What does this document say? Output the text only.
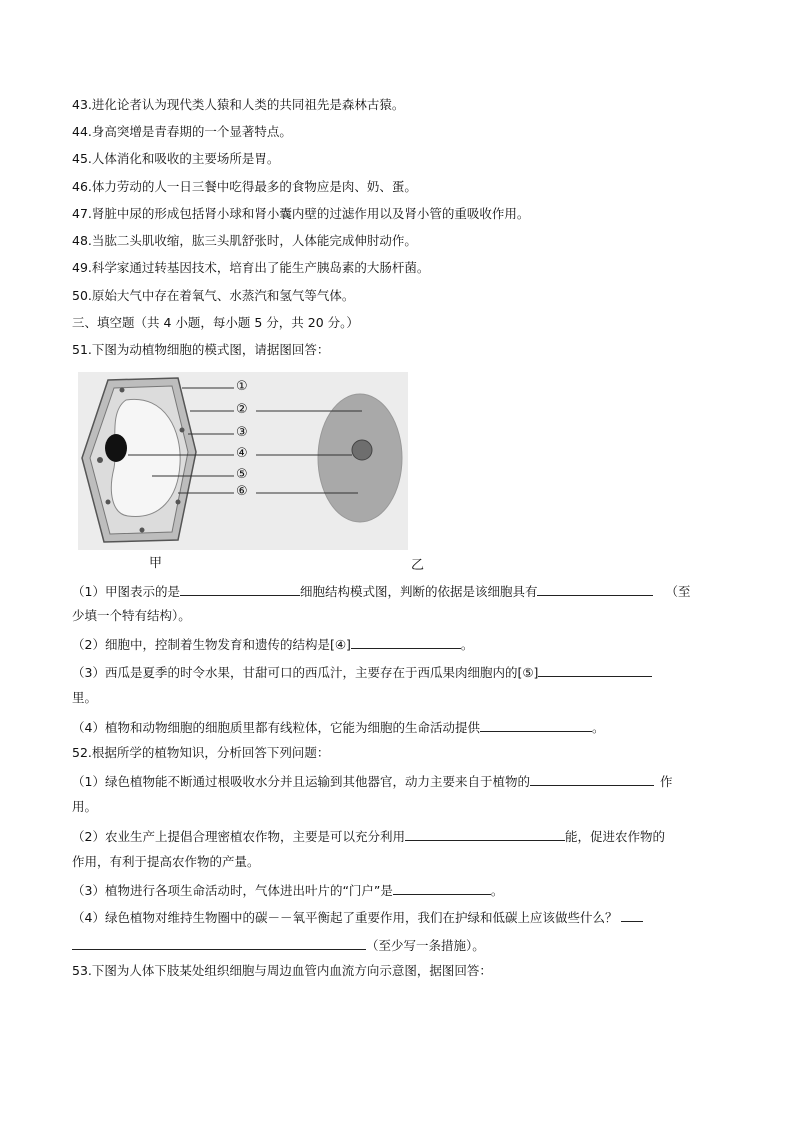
43.进化论者认为现代类人猿和人类的共同祖先是森林古猿。
44.身高突增是青春期的一个显著特点。
45.人体消化和吸收的主要场所是胃。
46.体力劳动的人一日三餐中吃得最多的食物应是肉、奶、蛋。
47.肾脏中尿的形成包括肾小球和肾小囊内壁的过滤作用以及肾小管的重吸收作用。
48.当肱二头肌收缩，肱三头肌舒张时，人体能完成伸肘动作。
49.科学家通过转基因技术，培育出了能生产胰岛素的大肠杆菌。
50.原始大气中存在着氧气、水蒸汽和氢气等气体。
三、填空题（共 4 小题，每小题 5 分，共 20 分。）
51.下图为动植物细胞的模式图，请据图回答：
①
②
③
④
⑤
⑥
甲	乙
（1）甲图表示的是	细胞结构模式图，判断的依据是该细胞具有	（至
少填一个特有结构）。
（2）细胞中，控制着生物发育和遗传的结构是[④]	。
（3）西瓜是夏季的时令水果，甘甜可口的西瓜汁，主要存在于西瓜果肉细胞内的[⑤]
里。
（4）植物和动物细胞的细胞质里都有线粒体，它能为细胞的生命活动提供	。
52.根据所学的植物知识，分析回答下列问题：
（1）绿色植物能不断通过根吸收水分并且运输到其他器官，动力主要来自于植物的	作
用。
（2）农业生产上提倡合理密植农作物，主要是可以充分利用	能，促进农作物的
作用，有利于提高农作物的产量。
（3）植物进行各项生命活动时，气体进出叶片的“门户”是	。
（4）绿色植物对维持生物圈中的碳－－氧平衡起了重要作用，我们在护绿和低碳上应该做些什么？
（至少写一条措施）。
53.下图为人体下肢某处组织细胞与周边血管内血流方向示意图，据图回答：
